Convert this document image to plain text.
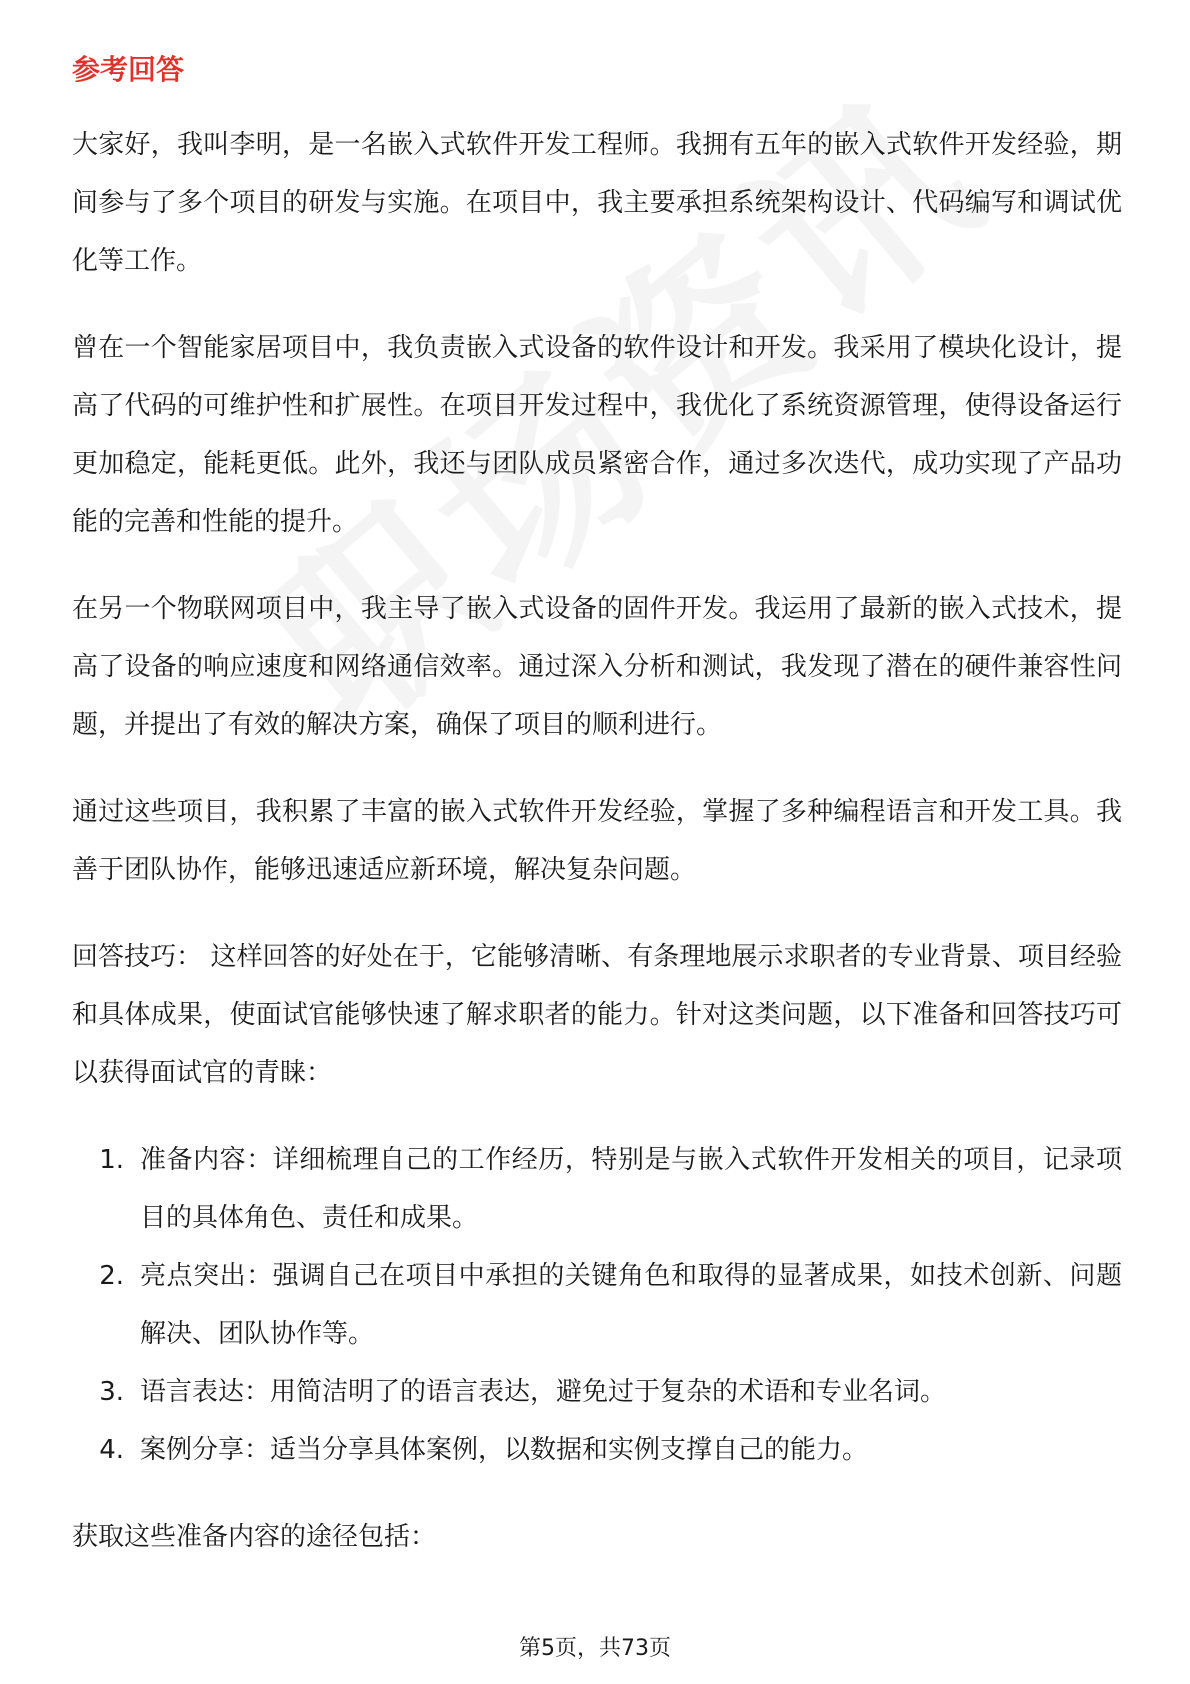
参考回答

大家好，我叫李明，是一名嵌入式软件开发工程师。我拥有五年的嵌入式软件开发经验，期间参与了多个项目的研发与实施。在项目中，我主要承担系统架构设计、代码编写和调试优化等工作。

曾在一个智能家居项目中，我负责嵌入式设备的软件设计和开发。我采用了模块化设计，提高了代码的可维护性和扩展性。在项目开发过程中，我优化了系统资源管理，使得设备运行更加稳定，能耗更低。此外，我还与团队成员紧密合作，通过多次迭代，成功实现了产品功能的完善和性能的提升。

在另一个物联网项目中，我主导了嵌入式设备的固件开发。我运用了最新的嵌入式技术，提高了设备的响应速度和网络通信效率。通过深入分析和测试，我发现了潜在的硬件兼容性问题，并提出了有效的解决方案，确保了项目的顺利进行。

通过这些项目，我积累了丰富的嵌入式软件开发经验，掌握了多种编程语言和开发工具。我善于团队协作，能够迅速适应新环境，解决复杂问题。

回答技巧： 这样回答的好处在于，它能够清晰、有条理地展示求职者的专业背景、项目经验和具体成果，使面试官能够快速了解求职者的能力。针对这类问题，以下准备和回答技巧可以获得面试官的青睐：

1. 准备内容：详细梳理自己的工作经历，特别是与嵌入式软件开发相关的项目，记录项目的具体角色、责任和成果。
2. 亮点突出：强调自己在项目中承担的关键角色和取得的显著成果，如技术创新、问题解决、团队协作等。
3. 语言表达：用简洁明了的语言表达，避免过于复杂的术语和专业名词。
4. 案例分享：适当分享具体案例，以数据和实例支撑自己的能力。

获取这些准备内容的途径包括：

第5页，共73页
